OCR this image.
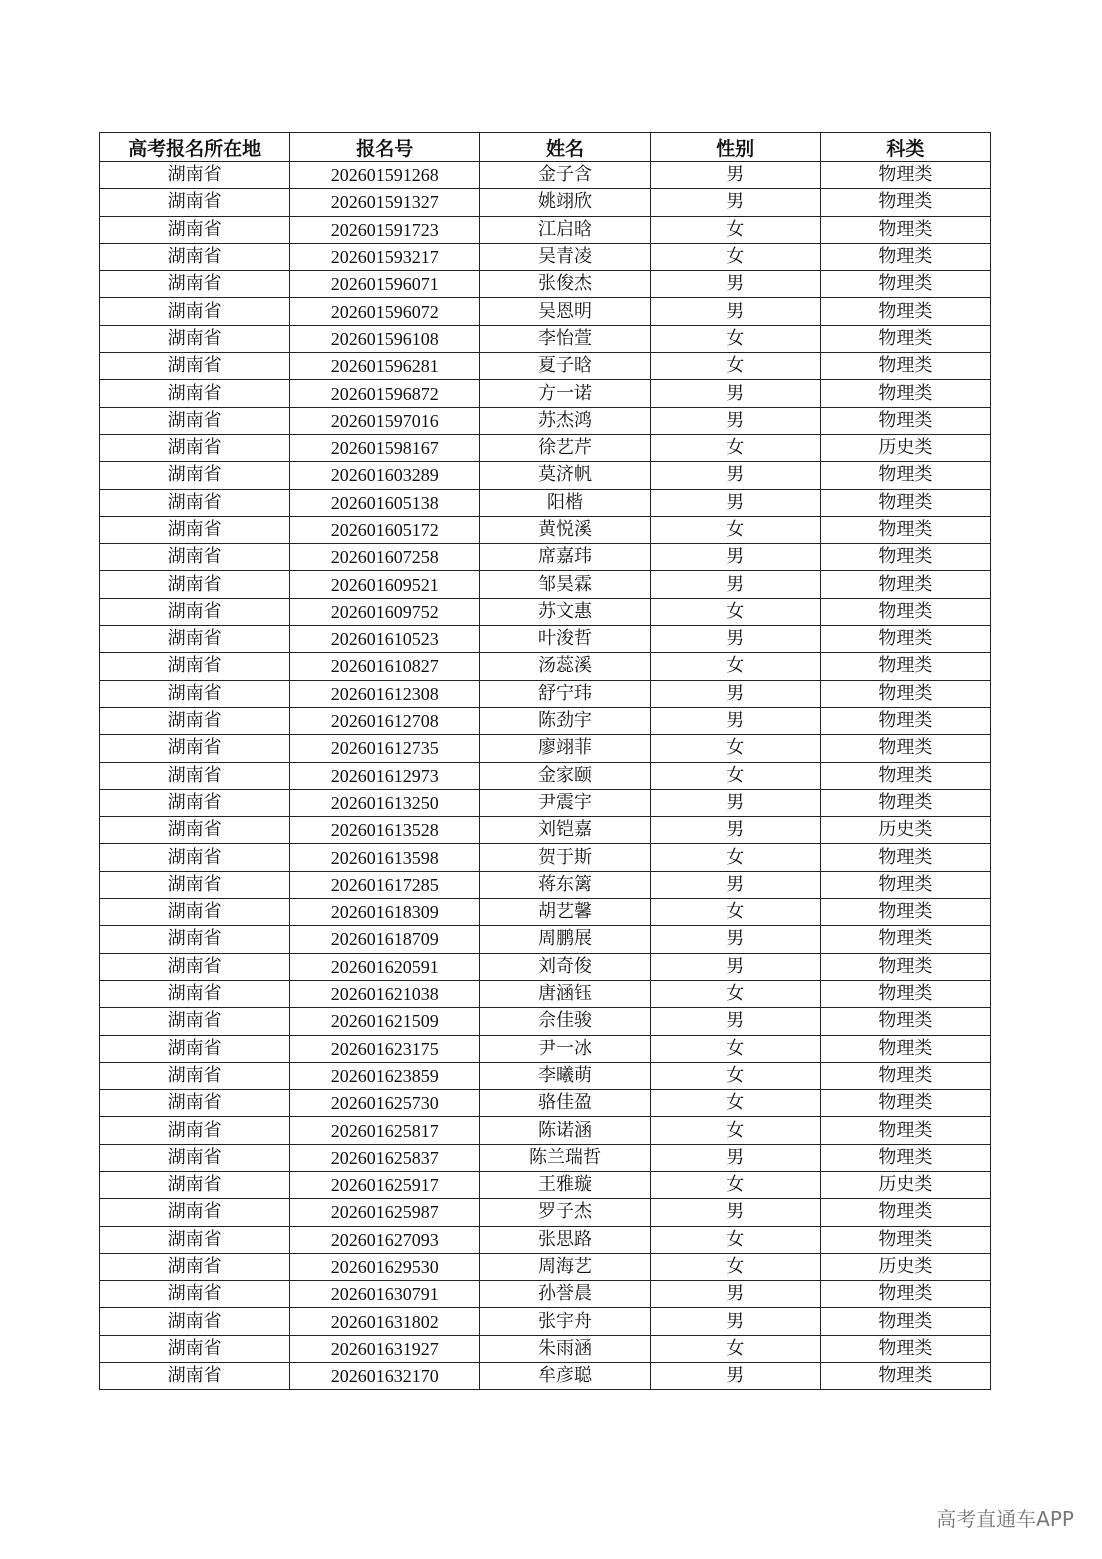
高考报名所在地	报名号	姓名	性别	科类
湖南省	202601591268	金子含	男	物理类
湖南省	202601591327	姚翊欣	男	物理类
湖南省	202601591723	江启晗	女	物理类
湖南省	202601593217	吴青凌	女	物理类
湖南省	202601596071	张俊杰	男	物理类
湖南省	202601596072	吴恩明	男	物理类
湖南省	202601596108	李怡萱	女	物理类
湖南省	202601596281	夏子晗	女	物理类
湖南省	202601596872	方一诺	男	物理类
湖南省	202601597016	苏杰鸿	男	物理类
湖南省	202601598167	徐艺芹	女	历史类
湖南省	202601603289	莫济帆	男	物理类
湖南省	202601605138	阳楷	男	物理类
湖南省	202601605172	黄悦溪	女	物理类
湖南省	202601607258	席嘉玮	男	物理类
湖南省	202601609521	邹昊霖	男	物理类
湖南省	202601609752	苏文惠	女	物理类
湖南省	202601610523	叶浚哲	男	物理类
湖南省	202601610827	汤蕊溪	女	物理类
湖南省	202601612308	舒宁玮	男	物理类
湖南省	202601612708	陈劲宇	男	物理类
湖南省	202601612735	廖翊菲	女	物理类
湖南省	202601612973	金家颐	女	物理类
湖南省	202601613250	尹震宇	男	物理类
湖南省	202601613528	刘铠嘉	男	历史类
湖南省	202601613598	贺于斯	女	物理类
湖南省	202601617285	蒋东篱	男	物理类
湖南省	202601618309	胡艺馨	女	物理类
湖南省	202601618709	周鹏展	男	物理类
湖南省	202601620591	刘奇俊	男	物理类
湖南省	202601621038	唐涵钰	女	物理类
湖南省	202601621509	佘佳骏	男	物理类
湖南省	202601623175	尹一冰	女	物理类
湖南省	202601623859	李曦萌	女	物理类
湖南省	202601625730	骆佳盈	女	物理类
湖南省	202601625817	陈诺涵	女	物理类
湖南省	202601625837	陈兰瑞哲	男	物理类
湖南省	202601625917	王雅璇	女	历史类
湖南省	202601625987	罗子杰	男	物理类
湖南省	202601627093	张思路	女	物理类
湖南省	202601629530	周海艺	女	历史类
湖南省	202601630791	孙誉晨	男	物理类
湖南省	202601631802	张宇舟	男	物理类
湖南省	202601631927	朱雨涵	女	物理类
湖南省	202601632170	牟彦聪	男	物理类
高考直通车APP
